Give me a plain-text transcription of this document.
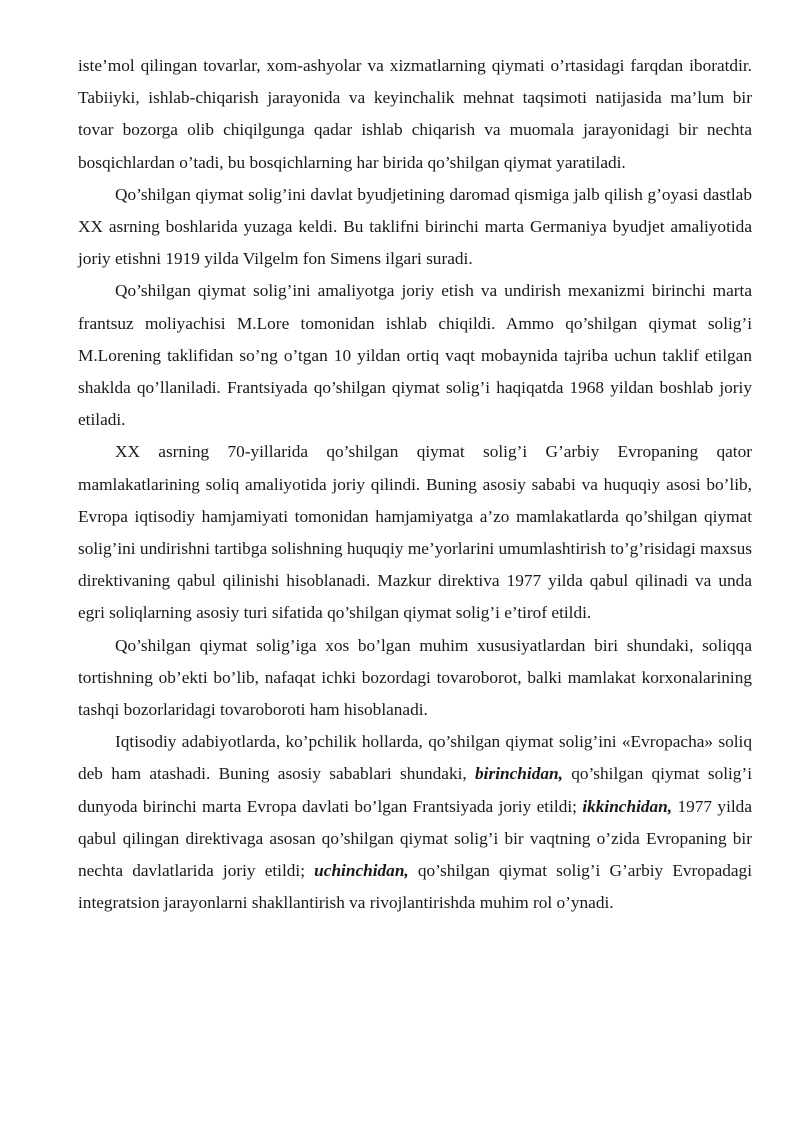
iste’mol qilingan tovarlar, xom-ashyolar va xizmatlarning qiymati o’rtasidagi farqdan iboratdir. Tabiiyki, ishlab-chiqarish jarayonida va keyinchalik mehnat taqsimoti natijasida ma’lum bir tovar bozorga olib chiqilgunga qadar ishlab chiqarish va muomala jarayonidagi bir nechta bosqichlardan o’tadi, bu bosqichlarning har birida qo’shilgan qiymat yaratiladi.

Qo’shilgan qiymat solig’ini davlat byudjetining daromad qismiga jalb qilish g’oyasi dastlab XX asrning boshlarida yuzaga keldi. Bu taklifni birinchi marta Germaniya byudjet amaliyotida joriy etishni 1919 yilda Vilgelm fon Simens ilgari suradi.

Qo’shilgan qiymat solig’ini amaliyotga joriy etish va undirish mexanizmi birinchi marta frantsuz moliyachisi M.Lore tomonidan ishlab chiqildi. Ammo qo’shilgan qiymat solig’i M.Lorening taklifidan so’ng o’tgan 10 yildan ortiq vaqt mobaynida tajriba uchun taklif etilgan shaklda qo’llaniladi. Frantsiyada qo’shilgan qiymat solig’i haqiqatda 1968 yildan boshlab joriy etiladi.

XX asrning 70-yillarida qo’shilgan qiymat solig’i G’arbiy Evropaning qator mamlakatlarining soliq amaliyotida joriy qilindi. Buning asosiy sababi va huquqiy asosi bo’lib, Evropa iqtisodiy hamjamiyati tomonidan hamjamiyatga a’zo mamlakatlarda qo’shilgan qiymat solig’ini undirishni tartibga solishning huquqiy me’yorlarini umumlashtirish to’g’risidagi maxsus direktivaning qabul qilinishi hisoblanadi. Mazkur direktiva 1977 yilda qabul qilinadi va unda egri soliqlarning asosiy turi sifatida qo’shilgan qiymat solig’i e’tirof etildi.

Qo’shilgan qiymat solig’iga xos bo’lgan muhim xususiyatlardan biri shundaki, soliqqa tortishning ob’ekti bo’lib, nafaqat ichki bozordagi tovaroborot, balki mamlakat korxonalarining tashqi bozorlaridagi tovaroboroti ham hisoblanadi.

Iqtisodiy adabiyotlarda, ko’pchilik hollarda, qo’shilgan qiymat solig’ini «Evropacha» soliq deb ham atashadi. Buning asosiy sabablari shundaki, birinchidan, qo’shilgan qiymat solig’i dunyoda birinchi marta Evropa davlati bo’lgan Frantsiyada joriy etildi; ikkinchidan, 1977 yilda qabul qilingan direktivaga asosan qo’shilgan qiymat solig’i bir vaqtning o’zida Evropaning bir nechta davlatlarida joriy etildi; uchinchidan, qo’shilgan qiymat solig’i G’arbiy Evropadagi integratsion jarayonlarni shakllantirish va rivojlantirishda muhim rol o’ynadi.
